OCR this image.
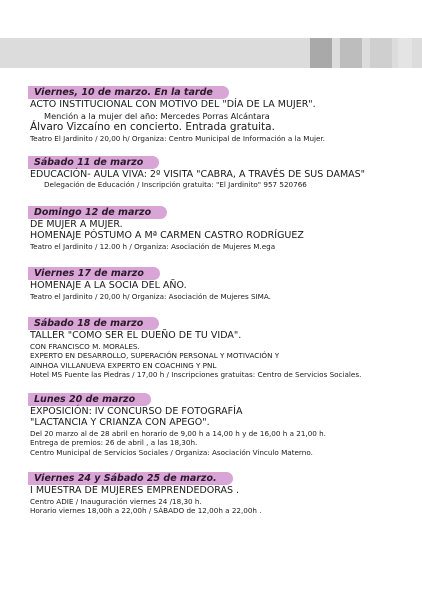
Viernes, 10 de marzo. En la tarde
ACTO INSTITUCIONAL CON MOTIVO DEL "DÍA DE LA MUJER".
Mención a la mujer del año: Mercedes Porras Alcántara
Álvaro Vizcaíno en concierto. Entrada gratuita.
Teatro El Jardinito / 20,00 h/ Organiza: Centro Municipal de Información a la Mujer.
Sábado 11 de marzo
EDUCACIÓN- AULA VIVA: 2º VISITA "CABRA, A TRAVÉS DE SUS DAMAS"
Delegación de Educación / Inscripción gratuita: "El Jardinito" 957 520766
Domingo 12 de marzo
DE MUJER A MUJER.
HOMENAJE PÓSTUMO A Mª CARMEN CASTRO RODRÍGUEZ
Teatro el Jardinito / 12.00 h / Organiza: Asociación de Mujeres M.ega
Viernes 17 de marzo
HOMENAJE A LA SOCIA DEL AÑO.
Teatro el Jardinito / 20,00 h/ Organiza: Asociación de Mujeres SIMA.
Sábado 18 de marzo
TALLER "COMO SER EL DUEÑO DE TU VIDA".
CON FRANCISCO M. MORALES.
EXPERTO EN DESARROLLO, SUPERACIÓN PERSONAL Y MOTIVACIÓN Y
AINHOA VILLANUEVA EXPERTO EN COACHING Y PNL
Hotel MS Fuente las Piedras / 17,00 h / Inscripciones gratuitas: Centro de Servicios Sociales.
Lunes 20 de marzo
EXPOSICIÓN: IV CONCURSO DE FOTOGRAFÍA
"LACTANCIA Y CRIANZA CON APEGO".
Del 20 marzo al de 28 abril en horario de 9,00 h a 14,00 h y de 16,00 h a 21,00 h.
Entrega de premios: 26 de abril , a las 18,30h.
Centro Municipal de Servicios Sociales / Organiza: Asociación Vinculo Materno.
Viernes 24 y Sábado 25 de marzo.
I MUESTRA DE MUJERES EMPRENDEDORAS .
Centro ADIE / Inauguración viernes 24 /18,30 h.
Horario viernes 18,00h a 22,00h / SÁBADO de 12,00h a 22,00h .
